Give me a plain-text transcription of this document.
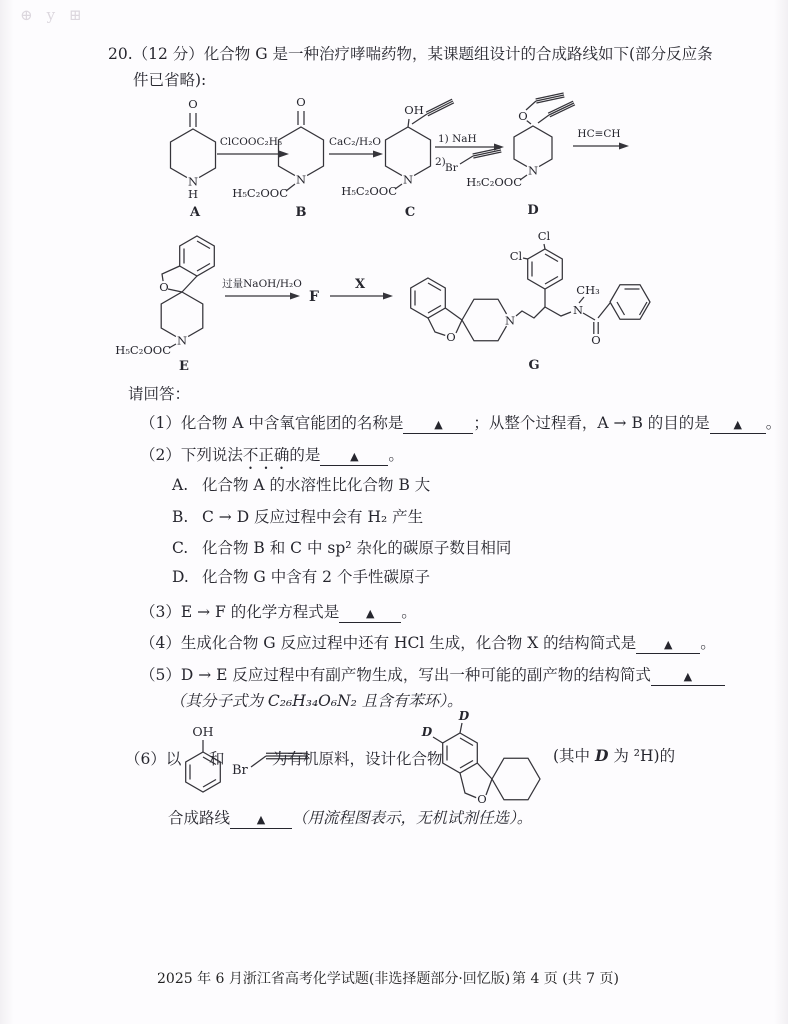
⊕y⊞
20.（12 分）化合物 G 是一种治疗哮喘药物，某课题组设计的合成路线如下(部分反应条
件已省略):
O
N
H
A
ClCOOC₂H₅
O
N
H₅C₂OOC
B
CaC₂/H₂O
OH
N
H₅C₂OOC
C
1) NaH
2) Br
O
N
H₅C₂OOC
D
HC≡CH
O
N
H₅C₂OOC
E
过量NaOH/H₂O
F
X
O
N
Cl
Cl
N
CH₃
O
G
请回答：
（1）化合物 A 中含氧官能团的名称是	▲ ；从整个过程看，A → B 的目的是 ▲ 。
（2）下列说法不正确的是	▲ 。
A. 化合物 A 的水溶性比化合物 B 大
B. C → D 反应过程中会有 H₂ 产生
C. 化合物 B 和 C 中 sp² 杂化的碳原子数目相同
D. 化合物 G 中含有 2 个手性碳原子
（3）E → F 的化学方程式是 ▲ 。
（4）生成化合物 G 反应过程中还有 HCl 生成，化合物 X 的结构简式是	▲ 。
（5）D → E 反应过程中有副产物生成，写出一种可能的副产物的结构简式	▲
（其分子式为 C₂₆H₃₄O₆N₂ 且含有苯环）。
（6）以
OH
和
Br
为有机原料，设计化合物
D
D
O
(其中 D 为 ²H)的
合成路线 ▲ （用流程图表示，无机试剂任选）。
2025 年 6 月浙江省高考化学试题(非选择题部分·回忆版) 第 4 页 (共 7 页)
